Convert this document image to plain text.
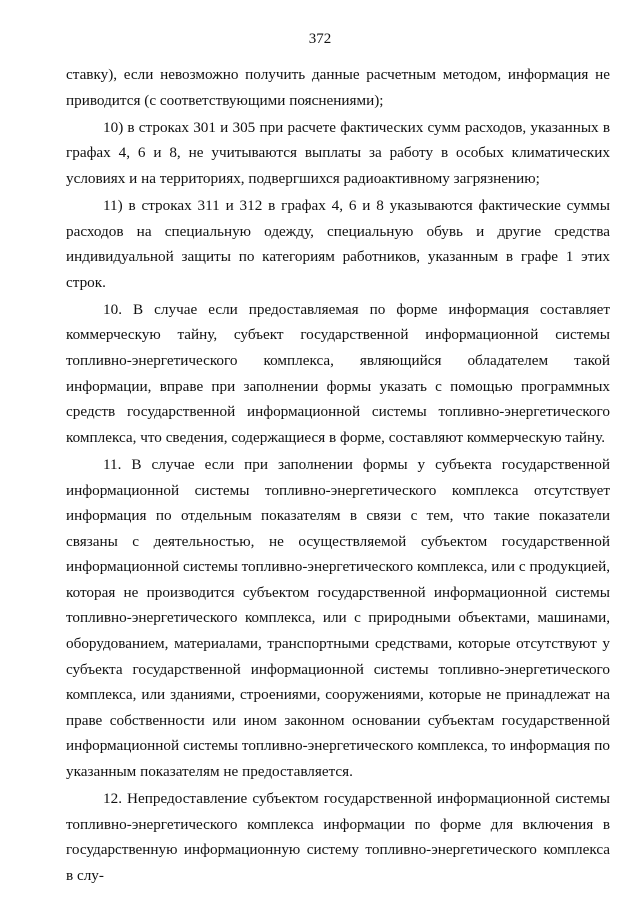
372

ставку), если невозможно получить данные расчетным методом, информация не приводится (с соответствующими пояснениями);

10) в строках 301 и 305 при расчете фактических сумм расходов, указанных в графах 4, 6 и 8, не учитываются выплаты за работу в особых климатических условиях и на территориях, подвергшихся радиоактивному загрязнению;

11) в строках 311 и 312 в графах 4, 6 и 8 указываются фактические суммы расходов на специальную одежду, специальную обувь и другие средства индивидуальной защиты по категориям работников, указанным в графе 1 этих строк.

10. В случае если предоставляемая по форме информация составляет коммерческую тайну, субъект государственной информационной системы топливно-энергетического комплекса, являющийся обладателем такой информации, вправе при заполнении формы указать с помощью программных средств государственной информационной системы топливно-энергетического комплекса, что сведения, содержащиеся в форме, составляют коммерческую тайну.

11. В случае если при заполнении формы у субъекта государственной информационной системы топливно-энергетического комплекса отсутствует информация по отдельным показателям в связи с тем, что такие показатели связаны с деятельностью, не осуществляемой субъектом государственной информационной системы топливно-энергетического комплекса, или с продукцией, которая не производится субъектом государственной информационной системы топливно-энергетического комплекса, или с природными объектами, машинами, оборудованием, материалами, транспортными средствами, которые отсутствуют у субъекта государственной информационной системы топливно-энергетического комплекса, или зданиями, строениями, сооружениями, которые не принадлежат на праве собственности или ином законном основании субъектам государственной информационной системы топливно-энергетического комплекса, то информация по указанным показателям не предоставляется.

12. Непредоставление субъектом государственной информационной системы топливно-энергетического комплекса информации по форме для включения в государственную информационную систему топливно-энергетического комплекса в слу-
